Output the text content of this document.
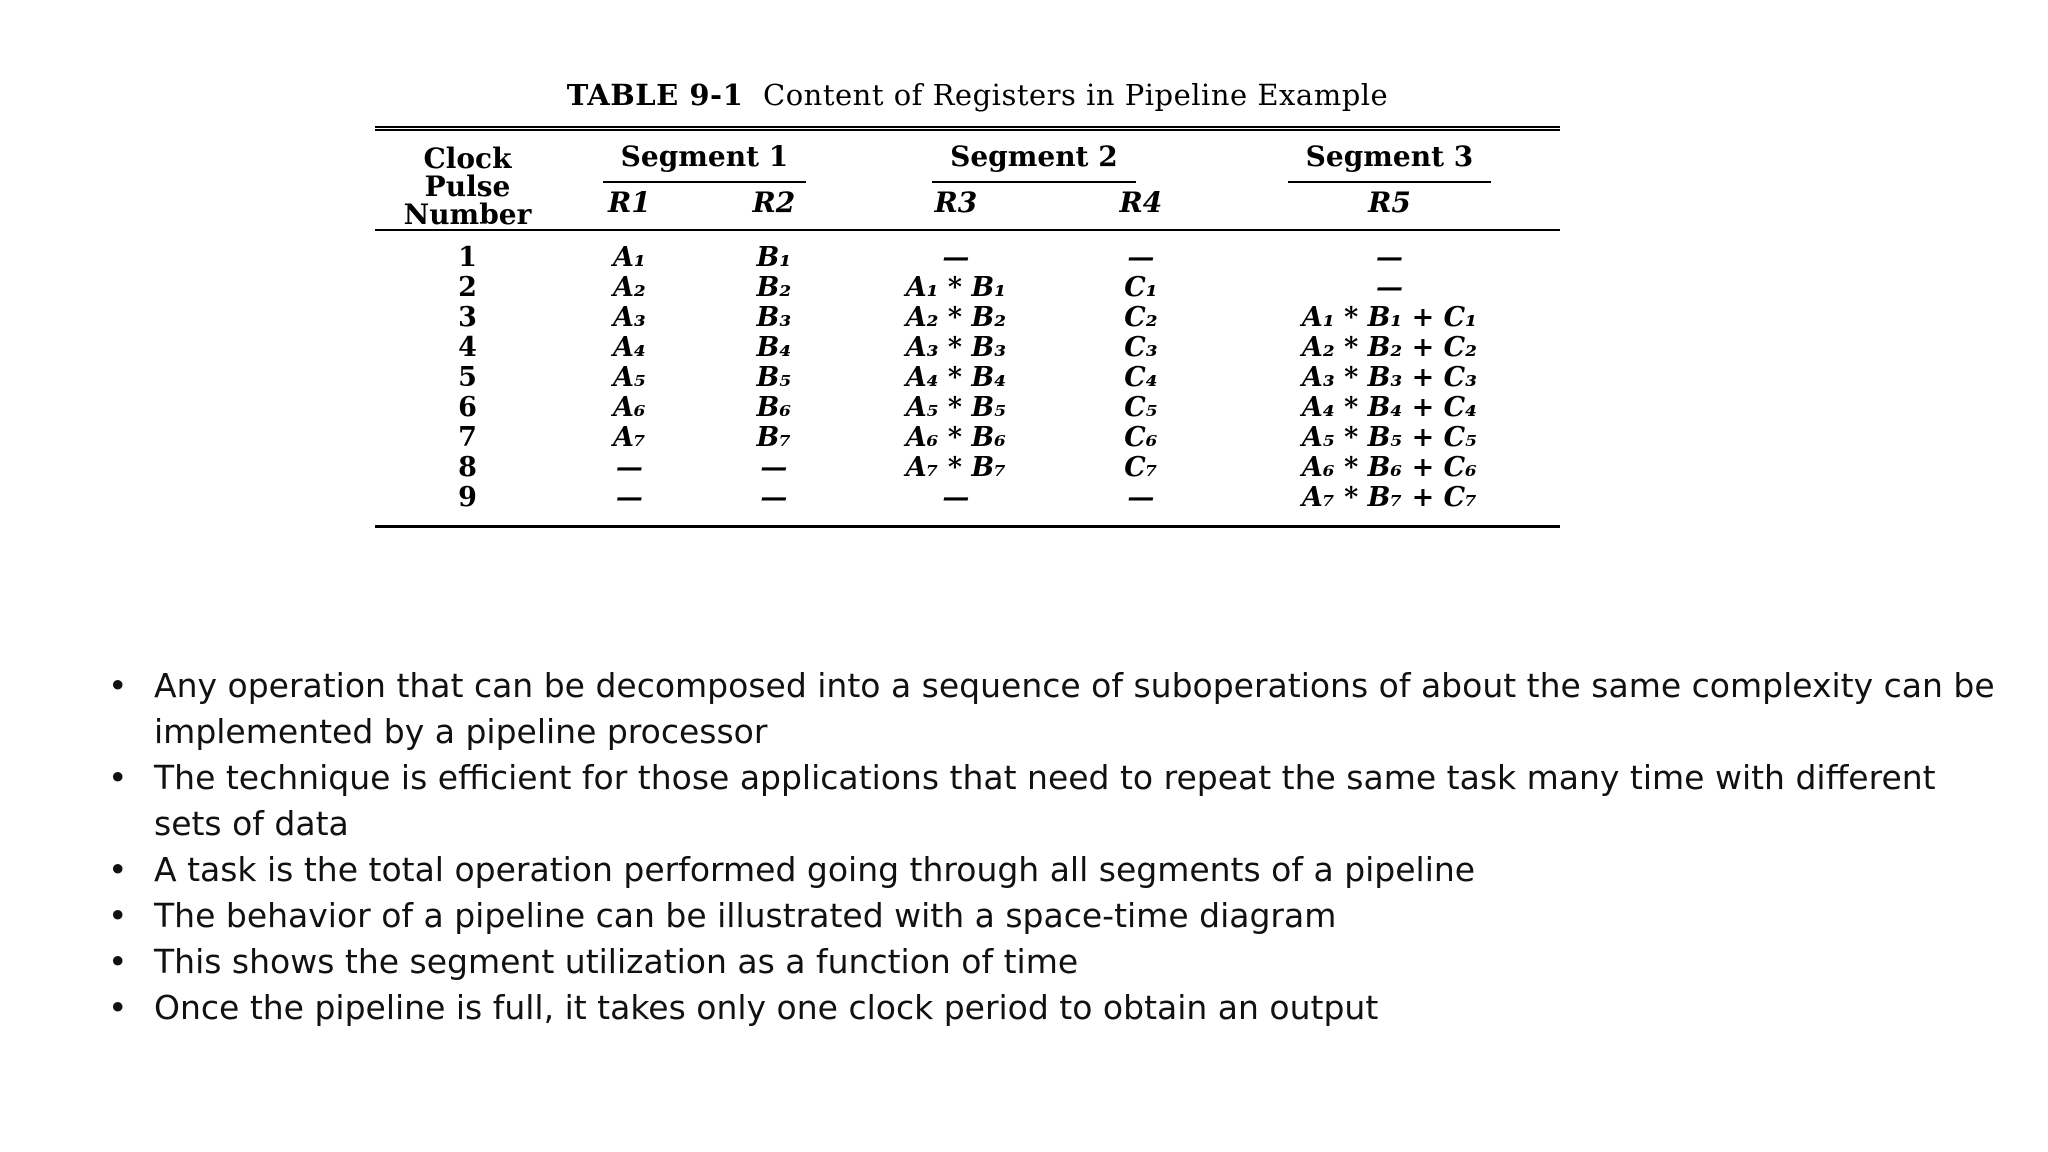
TABLE 9-1 Content of Registers in Pipeline Example
Clock
Pulse
Number	Segment 1		Segment 2		Segment 3
	R1	R2	R3	R4	R5

1	A₁	B₁	—	—	—
2	A₂	B₂	A₁ * B₁	C₁	—
3	A₃	B₃	A₂ * B₂	C₂	A₁ * B₁ + C₁
4	A₄	B₄	A₃ * B₃	C₃	A₂ * B₂ + C₂
5	A₅	B₅	A₄ * B₄	C₄	A₃ * B₃ + C₃
6	A₆	B₆	A₅ * B₅	C₅	A₄ * B₄ + C₄
7	A₇	B₇	A₆ * B₆	C₆	A₅ * B₅ + C₅
8	—	—	A₇ * B₇	C₇	A₆ * B₆ + C₆
9	—	—	—	—	A₇ * B₇ + C₇

• Any operation that can be decomposed into a sequence of suboperations of about the same complexity can be implemented by a pipeline processor
• The technique is efficient for those applications that need to repeat the same task many time with different sets of data
• A task is the total operation performed going through all segments of a pipeline
• The behavior of a pipeline can be illustrated with a space-time diagram
• This shows the segment utilization as a function of time
• Once the pipeline is full, it takes only one clock period to obtain an output
